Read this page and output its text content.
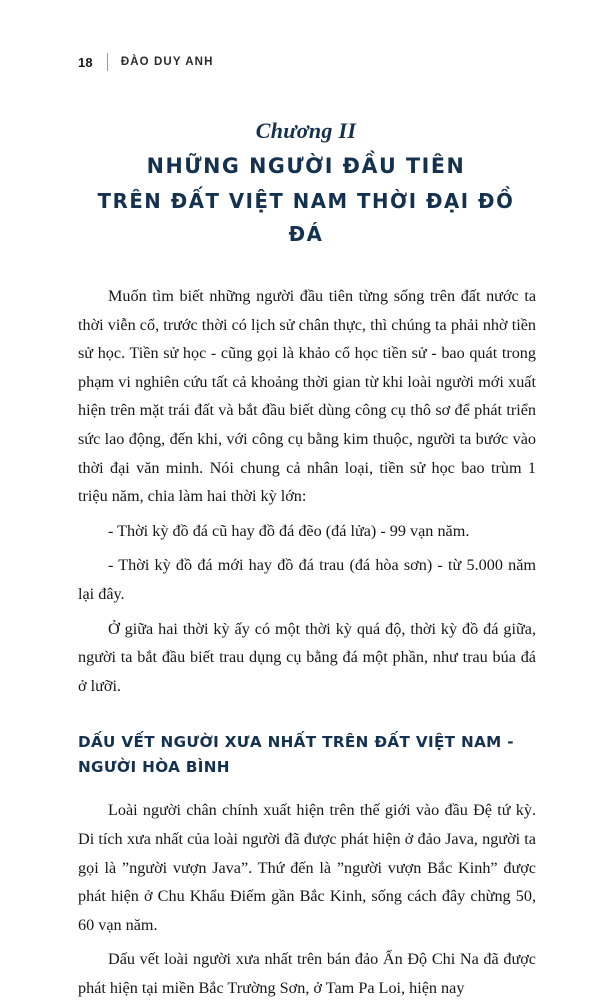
18 ĐÀO DUY ANH
Chương II
NHỮNG NGƯỜI ĐẦU TIÊN
TRÊN ĐẤT VIỆT NAM THỜI ĐẠI ĐỒ ĐÁ

Muốn tìm biết những người đầu tiên từng sống trên đất nước ta thời viễn cổ, trước thời có lịch sử chân thực, thì chúng ta phải nhờ tiền sử học. Tiền sử học - cũng gọi là khảo cổ học tiền sử - bao quát trong phạm vi nghiên cứu tất cả khoảng thời gian từ khi loài người mới xuất hiện trên mặt trái đất và bắt đầu biết dùng công cụ thô sơ để phát triển sức lao động, đến khi, với công cụ bằng kim thuộc, người ta bước vào thời đại văn minh. Nói chung cả nhân loại, tiền sử học bao trùm 1 triệu năm, chia làm hai thời kỳ lớn:

- Thời kỳ đồ đá cũ hay đồ đá đẽo (đá lửa) - 99 vạn năm.

- Thời kỳ đồ đá mới hay đồ đá trau (đá hòa sơn) - từ 5.000 năm lại đây.

Ở giữa hai thời kỳ ấy có một thời kỳ quá độ, thời kỳ đồ đá giữa, người ta bắt đầu biết trau dụng cụ bằng đá một phần, như trau búa đá ở lưỡi.

DẤU VẾT NGƯỜI XƯA NHẤT TRÊN ĐẤT VIỆT NAM -
NGƯỜI HÒA BÌNH

Loài người chân chính xuất hiện trên thế giới vào đầu Đệ tứ kỳ. Di tích xưa nhất của loài người đã được phát hiện ở đảo Java, người ta gọi là ”người vượn Java”. Thứ đến là ”người vượn Bắc Kinh” được phát hiện ở Chu Khẩu Điếm gần Bắc Kinh, sống cách đây chừng 50, 60 vạn năm.

Dấu vết loài người xưa nhất trên bán đảo Ấn Độ Chi Na đã được phát hiện tại miền Bắc Trường Sơn, ở Tam Pa Loi, hiện nay
